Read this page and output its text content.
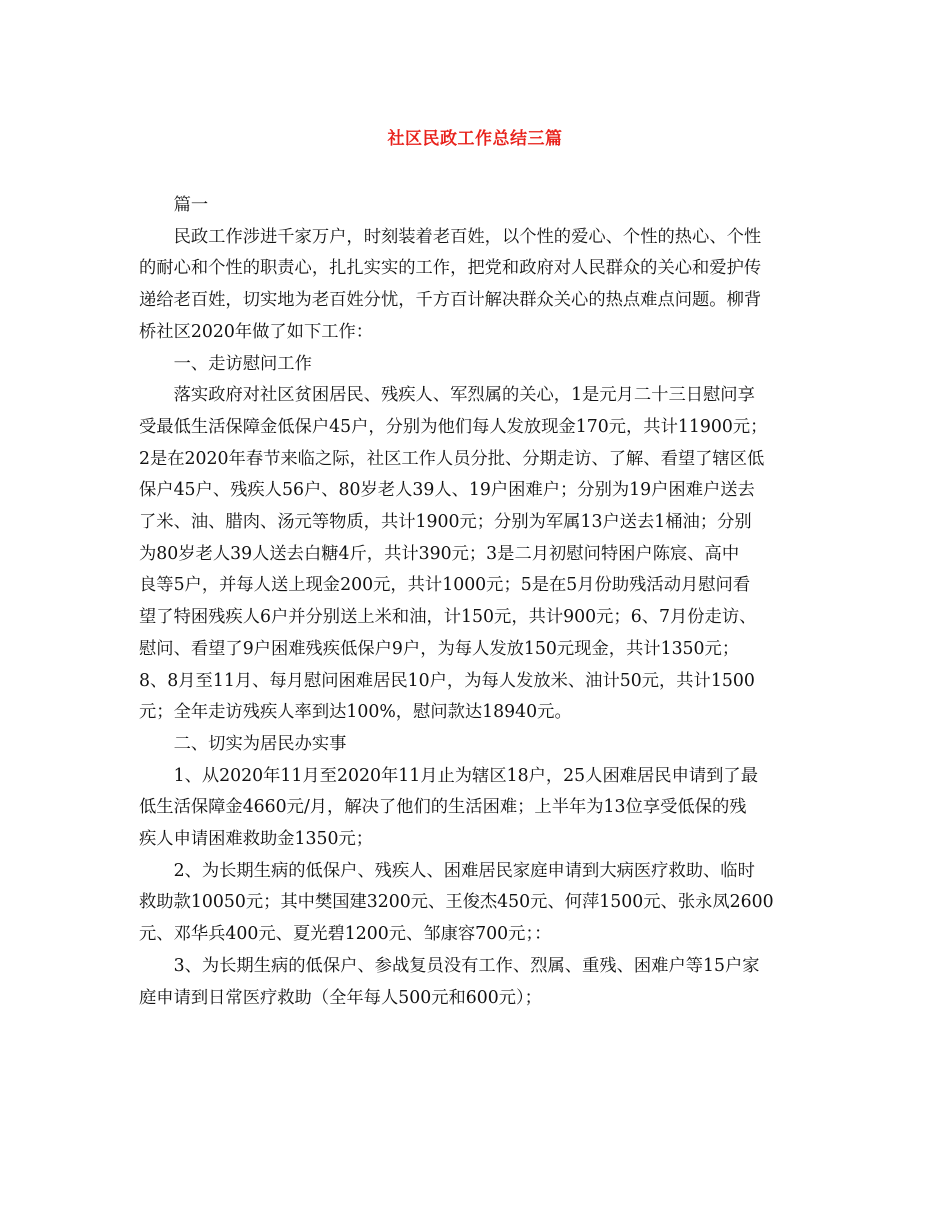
社区民政工作总结三篇

篇一

民政工作涉进千家万户，时刻装着老百姓，以个性的爱心、个性的热心、个性
的耐心和个性的职责心，扎扎实实的工作，把党和政府对人民群众的关心和爱护传
递给老百姓，切实地为老百姓分忧，千方百计解决群众关心的热点难点问题。柳背
桥社区2020年做了如下工作：

一、走访慰问工作

落实政府对社区贫困居民、残疾人、军烈属的关心，1是元月二十三日慰问享
受最低生活保障金低保户45户，分别为他们每人发放现金170元，共计11900元；
2是在2020年春节来临之际，社区工作人员分批、分期走访、了解、看望了辖区低
保户45户、残疾人56户、80岁老人39人、19户困难户；分别为19户困难户送去
了米、油、腊肉、汤元等物质，共计1900元；分别为军属13户送去1桶油；分别
为80岁老人39人送去白糖4斤，共计390元；3是二月初慰问特困户陈宸、高中
良等5户，并每人送上现金200元，共计1000元；5是在5月份助残活动月慰问看
望了特困残疾人6户并分别送上米和油，计150元，共计900元；6、7月份走访、
慰问、看望了9户困难残疾低保户9户，为每人发放150元现金，共计1350元；
8、8月至11月、每月慰问困难居民10户，为每人发放米、油计50元，共计1500
元；全年走访残疾人率到达100%，慰问款达18940元。

二、切实为居民办实事

1、从2020年11月至2020年11月止为辖区18户，25人困难居民申请到了最
低生活保障金4660元/月，解决了他们的生活困难；上半年为13位享受低保的残
疾人申请困难救助金1350元；

2、为长期生病的低保户、残疾人、困难居民家庭申请到大病医疗救助、临时
救助款10050元；其中樊国建3200元、王俊杰450元、何萍1500元、张永凤2600
元、邓华兵400元、夏光碧1200元、邹康容700元；：

3、为长期生病的低保户、参战复员没有工作、烈属、重残、困难户等15户家
庭申请到日常医疗救助（全年每人500元和600元）；
